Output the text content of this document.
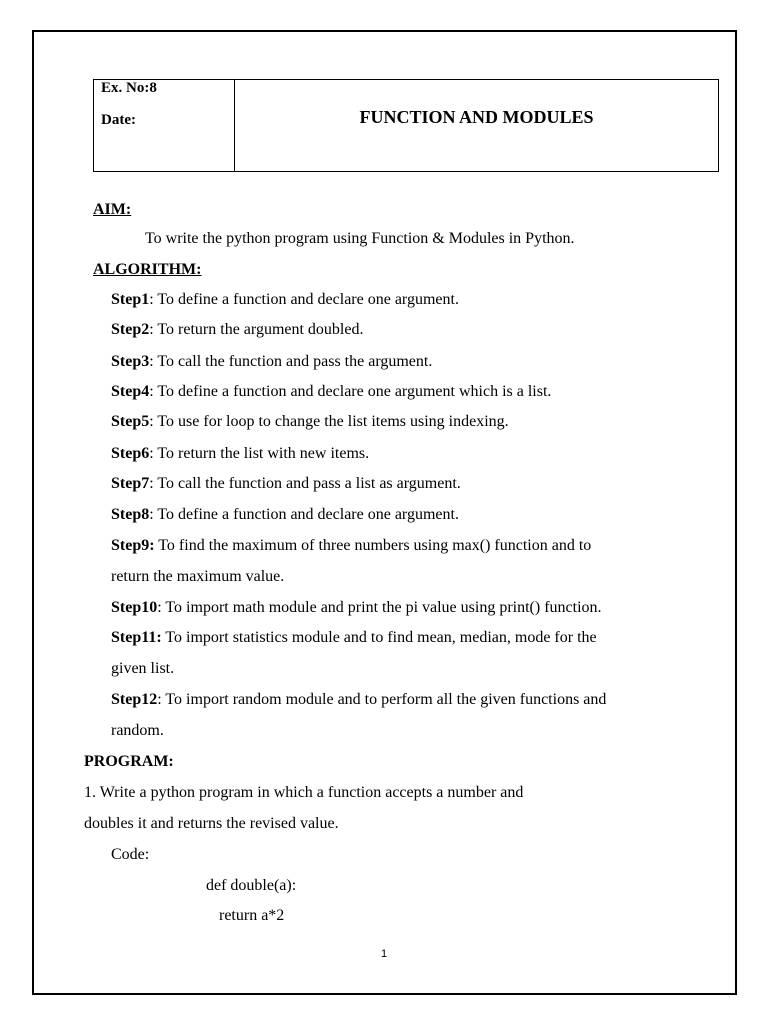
Ex. No:8
Date:	FUNCTION AND MODULES
AIM:
To write the python program using Function & Modules in Python.
ALGORITHM:
Step1: To define a function and declare one argument.
Step2: To return the argument doubled.
Step3: To call the function and pass the argument.
Step4: To define a function and declare one argument which is a list.
Step5: To use for loop to change the list items using indexing.
Step6: To return the list with new items.
Step7: To call the function and pass a list as argument.
Step8: To define a function and declare one argument.
Step9: To find the maximum of three numbers using max() function and to
return the maximum value.
Step10: To import math module and print the pi value using print() function.
Step11: To import statistics module and to find mean, median, mode for the
given list.
Step12: To import random module and to perform all the given functions and
random.
PROGRAM:
1. Write a python program in which a function accepts a number and
doubles it and returns the revised value.
Code:
def double(a):
return a*2
1
